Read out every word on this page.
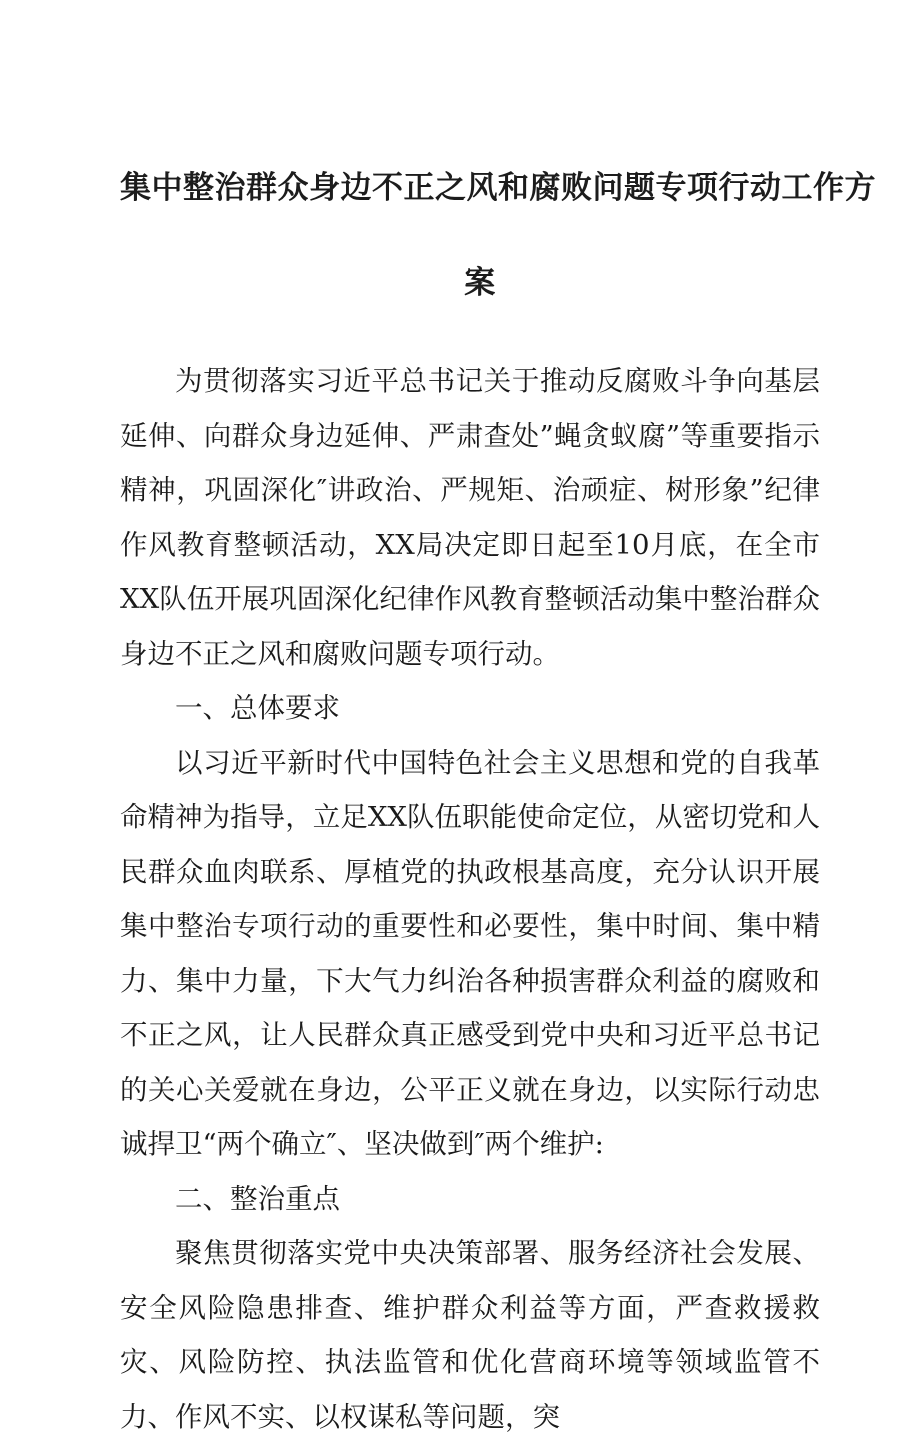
集中整治群众身边不正之风和腐败问题专项行动工作方
案

为贯彻落实习近平总书记关于推动反腐败斗争向基层延伸、向群众身边延伸、严肃查处”蝇贪蚁腐”等重要指示精神，巩固深化″讲政治、严规矩、治顽症、树形象”纪律作风教育整顿活动，XX局决定即日起至10月底，在全市XX队伍开展巩固深化纪律作风教育整顿活动集中整治群众身边不正之风和腐败问题专项行动。

一、总体要求

以习近平新时代中国特色社会主义思想和党的自我革命精神为指导，立足XX队伍职能使命定位，从密切党和人民群众血肉联系、厚植党的执政根基高度，充分认识开展集中整治专项行动的重要性和必要性，集中时间、集中精力、集中力量，下大气力纠治各种损害群众利益的腐败和不正之风，让人民群众真正感受到党中央和习近平总书记的关心关爱就在身边，公平正义就在身边，以实际行动忠诚捍卫“两个确立″、坚决做到″两个维护:

二、整治重点

聚焦贯彻落实党中央决策部署、服务经济社会发展、安全风险隐患排查、维护群众利益等方面，严查救援救灾、风险防控、执法监管和优化营商环境等领域监管不力、作风不实、以权谋私等问题，突
